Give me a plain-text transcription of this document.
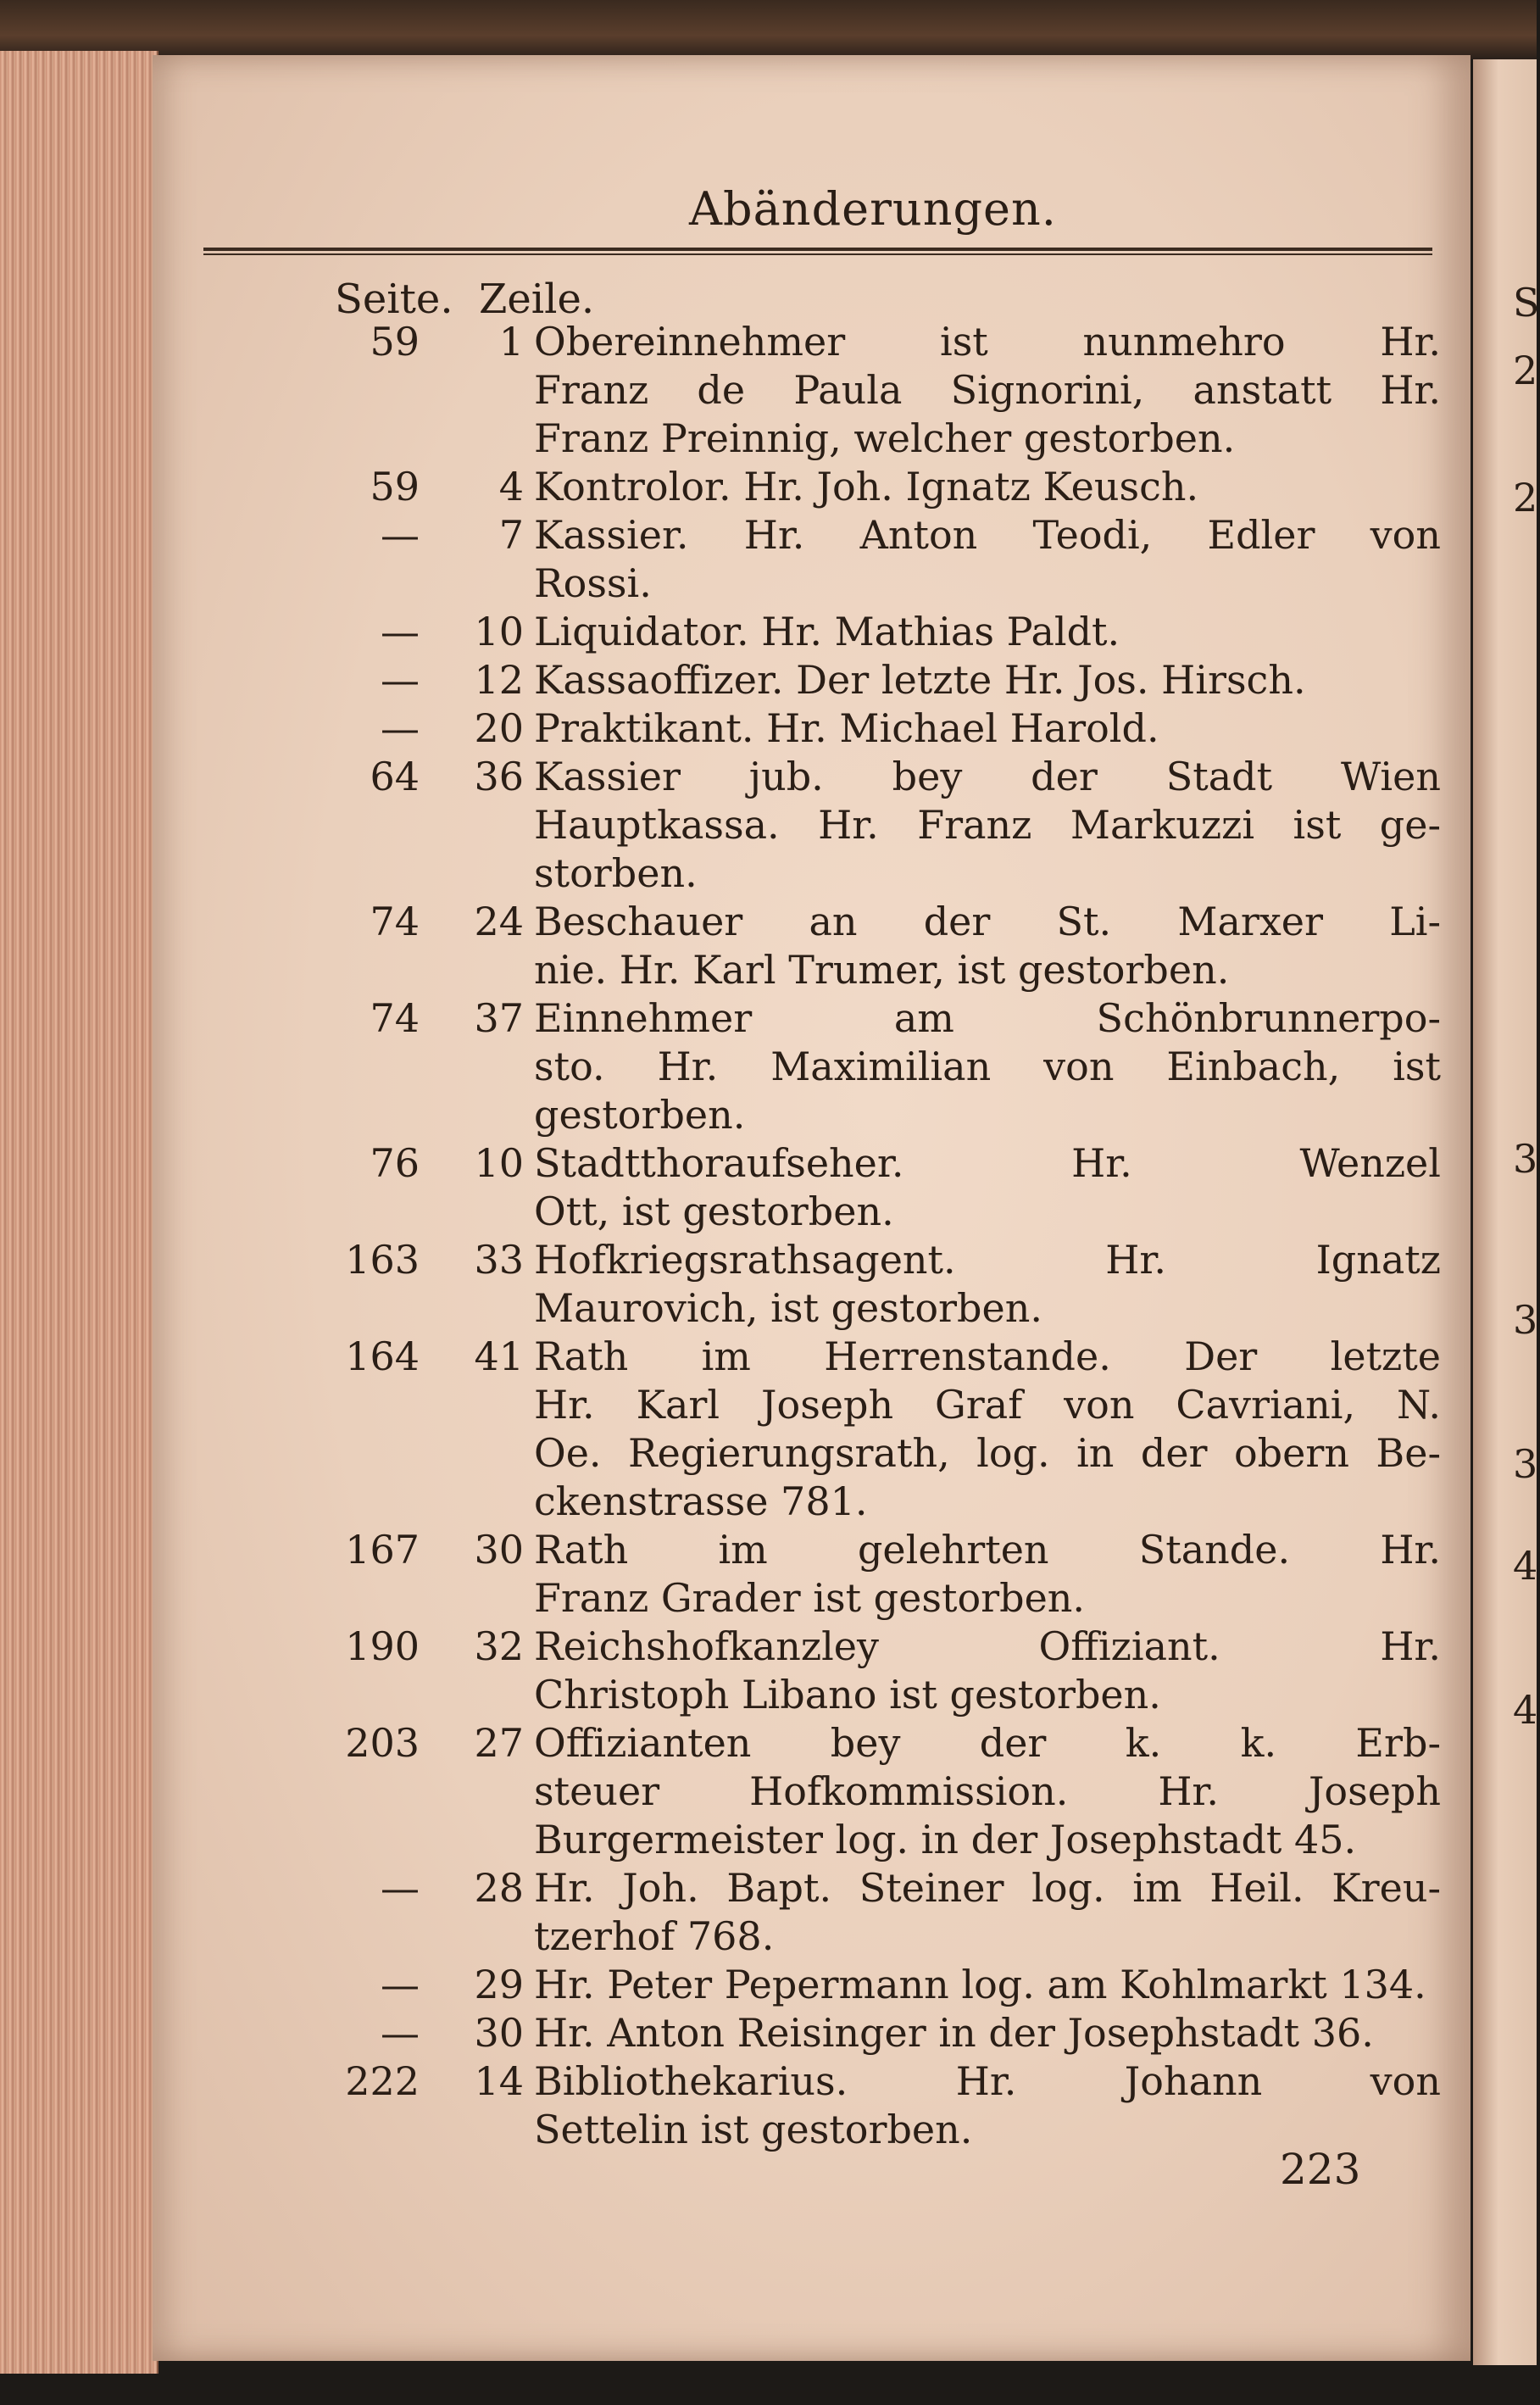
Abänderungen.
Seite. Zeile.
59	1 Obereinnehmer ist nunmehro Hr.
Franz de Paula Signorini, anstatt Hr.
Franz Preinnig, welcher gestorben.
59	4 Kontrolor. Hr. Joh. Ignatz Keusch.
—	7 Kassier. Hr. Anton Teodi, Edler von
Rossi.
—	10 Liquidator. Hr. Mathias Paldt.
—	12 Kassaoffizer. Der letzte Hr. Jos. Hirsch.
—	20 Praktikant. Hr. Michael Harold.
64	36 Kassier jub. bey der Stadt Wien
Hauptkassa. Hr. Franz Markuzzi ist ge-
storben.
74	24 Beschauer an der St. Marxer Li-
nie. Hr. Karl Trumer, ist gestorben.
74	37 Einnehmer am Schönbrunnerpo-
sto. Hr. Maximilian von Einbach, ist
gestorben.
76	10 Stadtthoraufseher. Hr. Wenzel
Ott, ist gestorben.
163	33 Hofkriegsrathsagent. Hr. Ignatz
Maurovich, ist gestorben.
164	41 Rath im Herrenstande. Der letzte
Hr. Karl Joseph Graf von Cavriani, N.
Oe. Regierungsrath, log. in der obern Be-
ckenstrasse 781.
167	30 Rath im gelehrten Stande. Hr.
Franz Grader ist gestorben.
190	32 Reichshofkanzley Offiziant. Hr.
Christoph Libano ist gestorben.
203	27 Offizianten bey der k. k. Erb-
steuer Hofkommission. Hr. Joseph
Burgermeister log. in der Josephstadt 45.
—	28 Hr. Joh. Bapt. Steiner log. im Heil. Kreu-
tzerhof 768.
—	29 Hr. Peter Pepermann log. am Kohlmarkt 134.
—	30 Hr. Anton Reisinger in der Josephstadt 36.
222	14 Bibliothekarius. Hr. Johann von
Settelin ist gestorben.
223
S
2
2
3
3
3
4
4
